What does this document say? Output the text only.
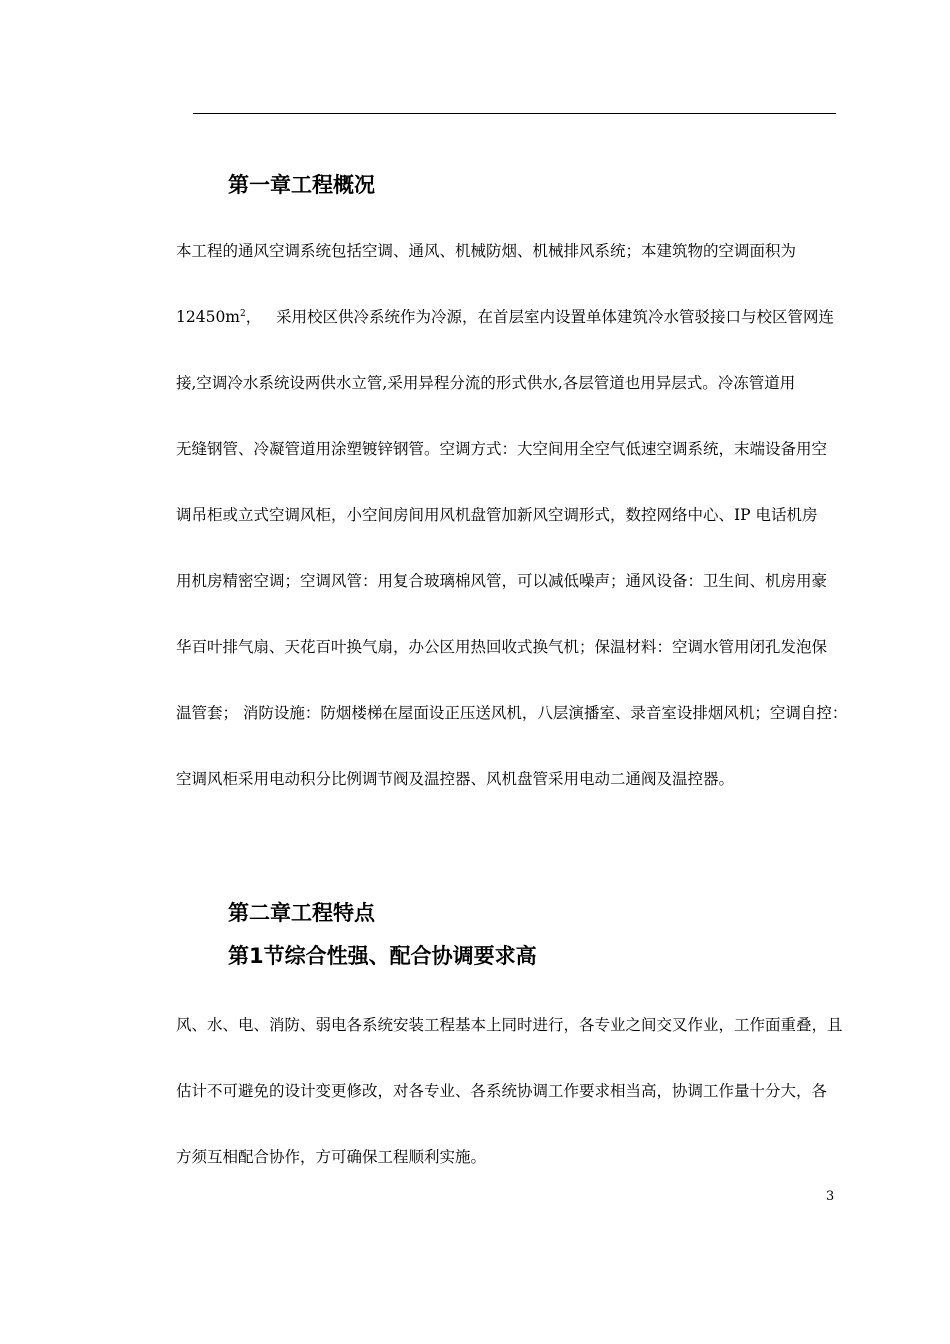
第一章工程概况
本工程的通风空调系统包括空调、通风、机械防烟、机械排风系统；本建筑物的空调面积为
$12450m^2$， 采用校区供冷系统作为冷源，在首层室内设置单体建筑冷水管驳接口与校区管网连
接,空调冷水系统设两供水立管,采用异程分流的形式供水,各层管道也用异层式。冷冻管道用
无缝钢管、冷凝管道用涂塑镀锌钢管。空调方式：大空间用全空气低速空调系统，末端设备用空
调吊柜或立式空调风柜，小空间房间用风机盘管加新风空调形式，数控网络中心、IP 电话机房
用机房精密空调；空调风管：用复合玻璃棉风管，可以减低噪声；通风设备：卫生间、机房用豪
华百叶排气扇、天花百叶换气扇，办公区用热回收式换气机；保温材料：空调水管用闭孔发泡保
温管套； 消防设施：防烟楼梯在屋面设正压送风机，八层演播室、录音室设排烟风机；空调自控：
空调风柜采用电动积分比例调节阀及温控器、风机盘管采用电动二通阀及温控器。
第二章工程特点
第1节综合性强、配合协调要求高
风、水、电、消防、弱电各系统安装工程基本上同时进行，各专业之间交叉作业，工作面重叠，且
估计不可避免的设计变更修改，对各专业、各系统协调工作要求相当高，协调工作量十分大，各
方须互相配合协作，方可确保工程顺利实施。
3
